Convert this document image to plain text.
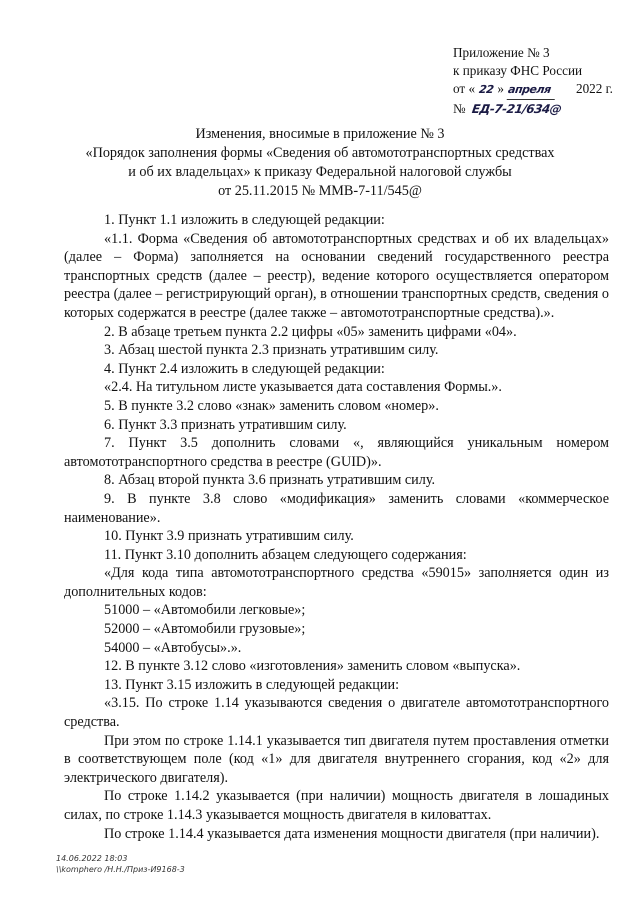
Приложение № 3
к приказу ФНС России
от « 22 » апреля 2022 г.
№ ЕД-7-21/634@
Изменения, вносимые в приложение № 3
«Порядок заполнения формы «Сведения об автомототранспортных средствах
и об их владельцах» к приказу Федеральной налоговой службы
от 25.11.2015 № ММВ-7-11/545@

1. Пункт 1.1 изложить в следующей редакции:

«1.1. Форма «Сведения об автомототранспортных средствах и об их владельцах» (далее – Форма) заполняется на основании сведений государственного реестра транспортных средств (далее – реестр), ведение которого осуществляется оператором реестра (далее – регистрирующий орган), в отношении транспортных средств, сведения о которых содержатся в реестре (далее также – автомототранспортные средства).».

2. В абзаце третьем пункта 2.2 цифры «05» заменить цифрами «04».

3. Абзац шестой пункта 2.3 признать утратившим силу.

4. Пункт 2.4 изложить в следующей редакции:

«2.4. На титульном листе указывается дата составления Формы.».

5. В пункте 3.2 слово «знак» заменить словом «номер».

6. Пункт 3.3 признать утратившим силу.

7. Пункт 3.5 дополнить словами «, являющийся уникальным номером автомототранспортного средства в реестре (GUID)».

8. Абзац второй пункта 3.6 признать утратившим силу.

9. В пункте 3.8 слово «модификация» заменить словами «коммерческое наименование».

10. Пункт 3.9 признать утратившим силу.

11. Пункт 3.10 дополнить абзацем следующего содержания:

«Для кода типа автомототранспортного средства «59015» заполняется один из дополнительных кодов:

51000 – «Автомобили легковые»;

52000 – «Автомобили грузовые»;

54000 – «Автобусы».».

12. В пункте 3.12 слово «изготовления» заменить словом «выпуска».

13. Пункт 3.15 изложить в следующей редакции:

«3.15. По строке 1.14 указываются сведения о двигателе автомототранспортного средства.

При этом по строке 1.14.1 указывается тип двигателя путем проставления отметки в соответствующем поле (код «1» для двигателя внутреннего сгорания, код «2» для электрического двигателя).

По строке 1.14.2 указывается (при наличии) мощность двигателя в лошадиных силах, по строке 1.14.3 указывается мощность двигателя в киловаттах.

По строке 1.14.4 указывается дата изменения мощности двигателя (при наличии).

14.06.2022 18:03
\\komphero /Н.Н./Приз-И9168-3
